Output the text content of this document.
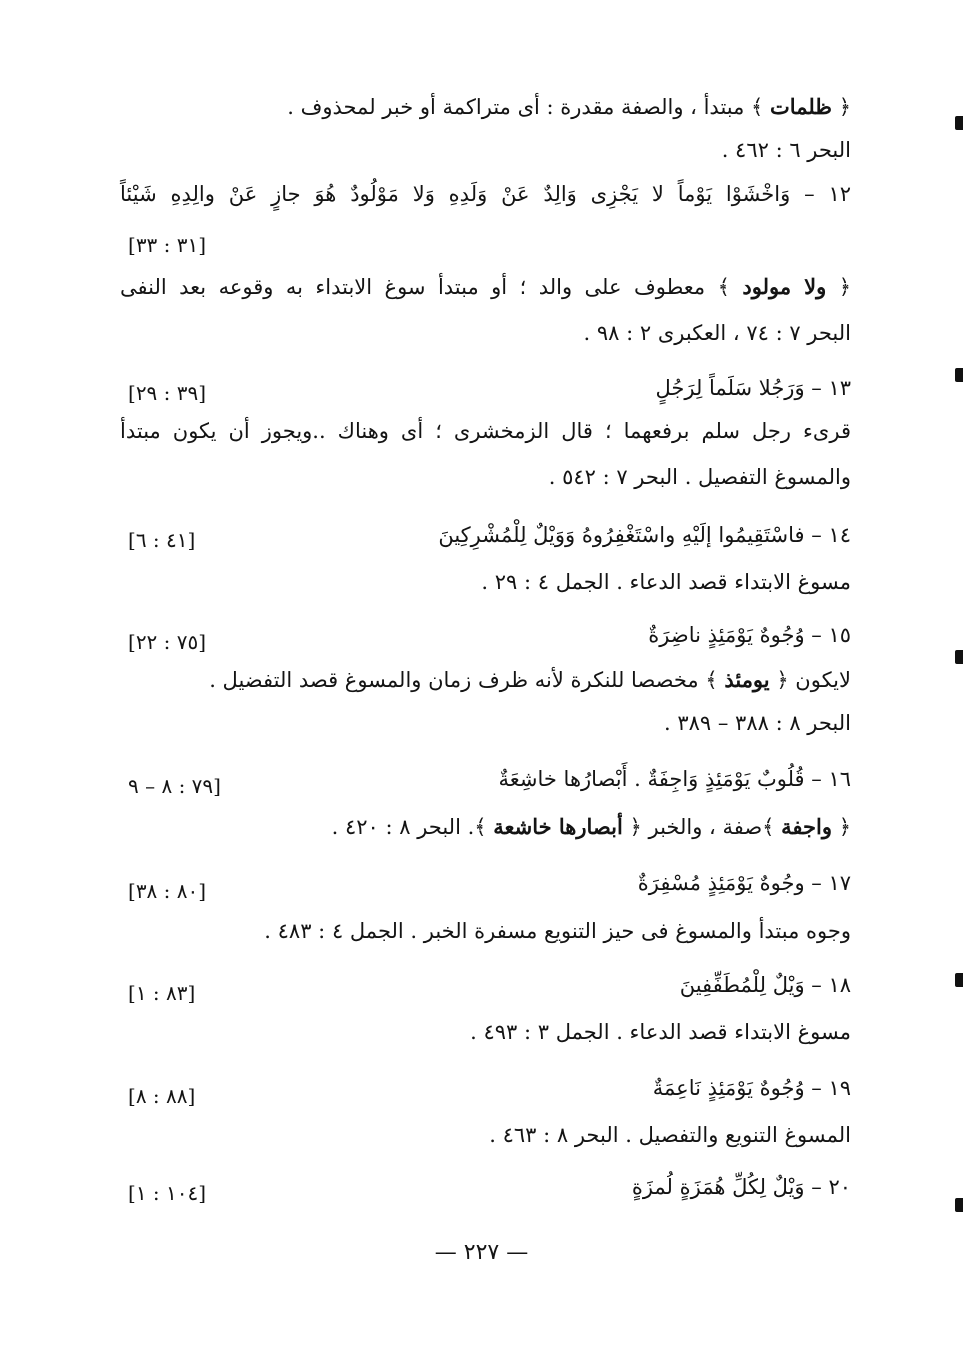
﴿ ظلمات ﴾ مبتدأ ، والصفة مقدرة : أى متراكمة أو خبر لمحذوف .
البحر ٦ : ٤٦٢ .
١٢ – وَاخْشَوْا يَوْماً لا يَجْزِى وَالِدٌ عَنْ وَلَدِهِ وَلا مَوْلُودٌ هُوَ جازٍ عَنْ والِدِهِ شَيْئاً
[٣١ : ٣٣]
﴿ ولا مولود ﴾ معطوف على والد ؛ أو مبتدأ سوغ الابتداء به وقوعه بعد النفى
البحر ٧ : ٧٤ ، العكبرى ٢ : ٩٨ .
١٣ – وَرَجُلا سَلَماً لِرَجُلٍ
[٣٩ : ٢٩]
قرىء رجل سلم برفعهما ؛ قال الزمخشرى ؛ أى وهناك ..ويجوز أن يكون مبتدأ
والمسوغ التفصيل . البحر ٧ : ٥٤٢ .
١٤ – فاسْتَقِيمُوا إلَيْهِ واسْتَغْفِرُوهُ وَوَيْلٌ لِلْمُشْرِكِينَ
[٤١ : ٦]
مسوغ الابتداء قصد الدعاء . الجمل ٤ : ٢٩ .
١٥ – وُجُوهٌ يَوْمَئِذٍ ناضِرَةٌ
[٧٥ : ٢٢]
لايكون ﴿ يومئذ ﴾ مخصصا للنكرة لأنه ظرف زمان والمسوغ قصد التفضيل .
البحر ٨ : ٣٨٨ – ٣٨٩ .
١٦ – قُلُوبٌ يَوْمَئِذٍ وَاجِفَةٌ . أَبْصارُها خاشِعَةٌ
[٧٩ : ٨ – ٩
﴿ واجفة ﴾صفة ، والخبر ﴿ أبصارها خاشعة ﴾. البحر ٨ : ٤٢٠ .
١٧ – وجُوهٌ يَوْمَئِذٍ مُسْفِرَةٌ
[٨٠ : ٣٨]
وجوه مبتدأ والمسوغ فى حيز التنويع مسفرة الخبر . الجمل ٤ : ٤٨٣ .
١٨ – وَيْلٌ لِلْمُطَفِّفِينَ
[٨٣ : ١]
مسوغ الابتداء قصد الدعاء . الجمل ٣ : ٤٩٣ .
١٩ – وُجُوهٌ يَوْمَئِذٍ نَاعِمَةٌ
[٨٨ : ٨]
المسوغ التنويع والتفصيل . البحر ٨ : ٤٦٣ .
٢٠ – وَيْلٌ لِكُلِّ هُمَزَةٍ لُمزَةٍ
[١٠٤ : ١]
— ٢٢٧ —
